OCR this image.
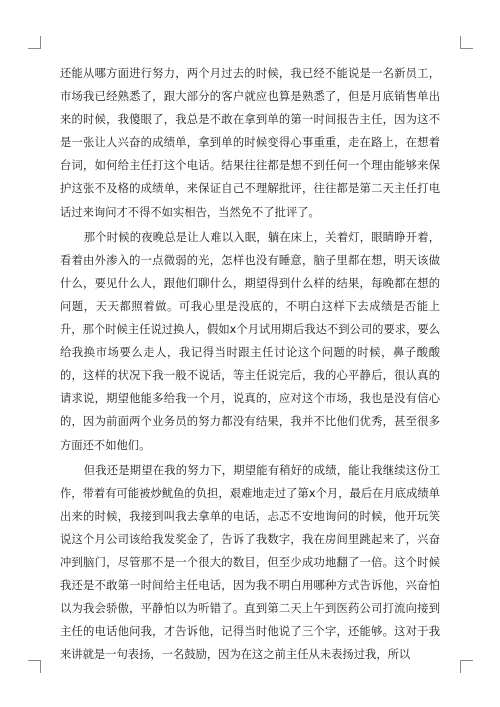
还能从哪方面进行努力，两个月过去的时候，我已经不能说是一名新员工，市场我已经熟悉了，跟大部分的客户就应也算是熟悉了，但是月底销售单出来的时候，我傻眼了，我总是不敢在拿到单的第一时间报告主任，因为这不是一张让人兴奋的成绩单，拿到单的时候变得心事重重，走在路上，在想着台词，如何给主任打这个电话。结果往往都是想不到任何一个理由能够来保护这张不及格的成绩单，来保证自己不理解批评，往往都是第二天主任打电话过来询问才不得不如实相告，当然免不了批评了。

那个时候的夜晚总是让人难以入眠，躺在床上，关着灯，眼睛睁开着，看着由外渗入的一点微弱的光，怎样也没有睡意，脑子里都在想，明天该做什么，要见什么人，跟他们聊什么，期望得到什么样的结果，每晚都在想的问题，天天都照着做。可我心里是没底的，不明白这样下去成绩是否能上升，那个时候主任说过换人，假如x个月试用期后我达不到公司的要求，要么给我换市场要么走人，我记得当时跟主任讨论这个问题的时候，鼻子酸酸的，这样的状况下我一般不说话，等主任说完后，我的心平静后，很认真的请求说，期望他能多给我一个月，说真的，应对这个市场，我也是没有信心的，因为前面两个业务员的努力都没有结果，我并不比他们优秀，甚至很多方面还不如他们。

但我还是期望在我的努力下，期望能有稍好的成绩，能让我继续这份工作，带着有可能被炒鱿鱼的负担，艰难地走过了第x个月，最后在月底成绩单出来的时候，我接到叫我去拿单的电话，忐忑不安地询问的时候，他开玩笑说这个月公司该给我发奖金了，告诉了我数字，我在房间里跳起来了，兴奋冲到脑门，尽管那不是一个很大的数目，但至少成功地翻了一倍。这个时候我还是不敢第一时间给主任电话，因为我不明白用哪种方式告诉他，兴奋怕以为我会骄傲，平静怕以为听错了。直到第二天上午到医药公司打流向接到主任的电话他问我，才告诉他，记得当时他说了三个字，还能够。这对于我来讲就是一句表扬，一名鼓励，因为在这之前主任从未表扬过我，所以
